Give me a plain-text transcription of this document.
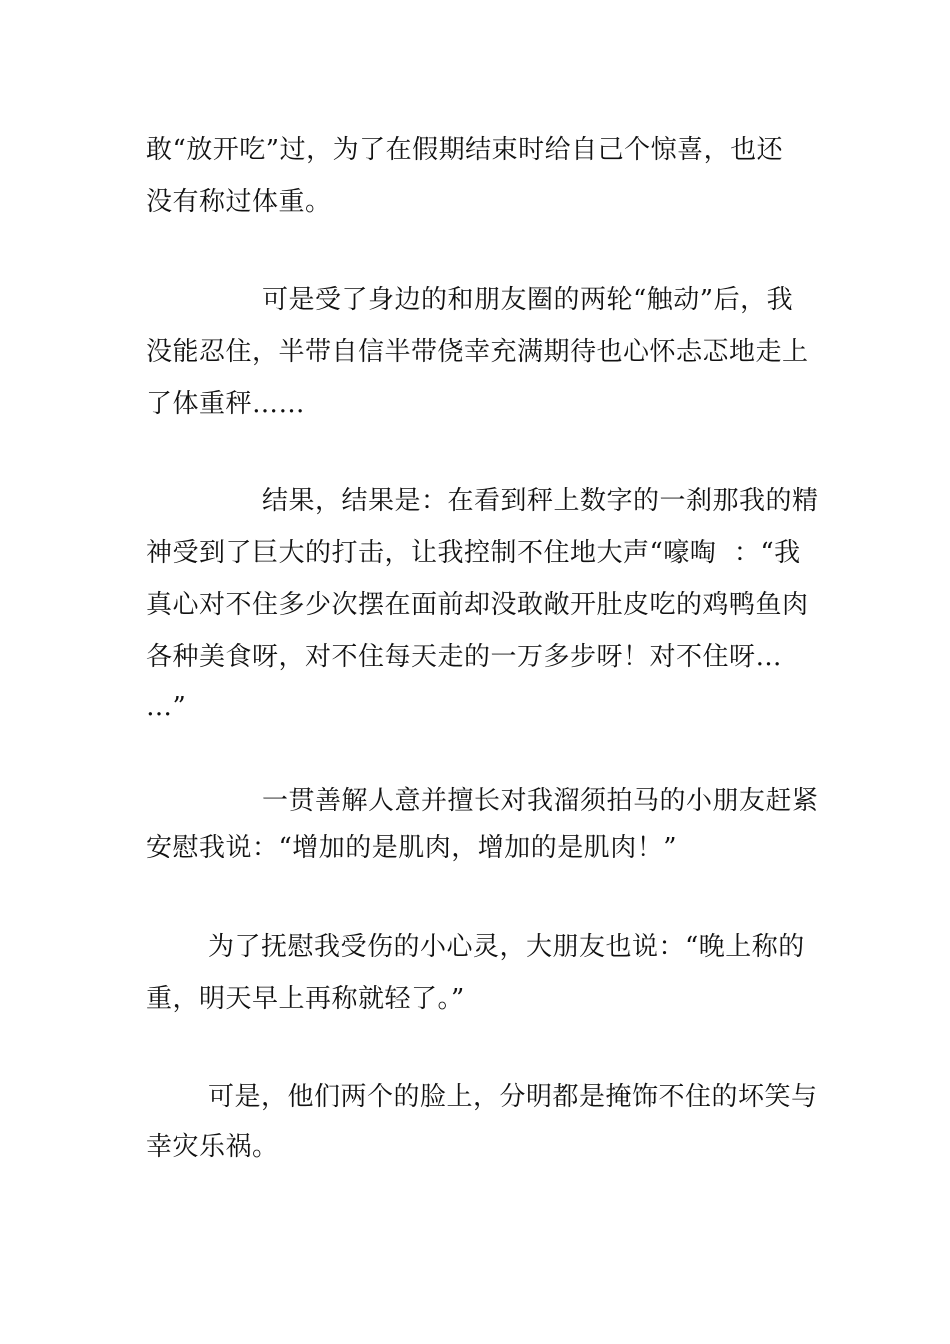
敢“放开吃”过，为了在假期结束时给自己个惊喜，也还
没有称过体重。
可是受了身边的和朋友圈的两轮“触动”后，我
没能忍住，半带自信半带侥幸充满期待也心怀忐忑地走上
了体重秤……
结果，结果是：在看到秤上数字的一刹那我的精
神受到了巨大的打击，让我控制不住地大声“嚎啕  ：“我
真心对不住多少次摆在面前却没敢敞开肚皮吃的鸡鸭鱼肉
各种美食呀，对不住每天走的一万多步呀！对不住呀…
…”
一贯善解人意并擅长对我溜须拍马的小朋友赶紧
安慰我说：“增加的是肌肉，增加的是肌肉！”
为了抚慰我受伤的小心灵，大朋友也说：“晚上称的
重，明天早上再称就轻了。”
可是，他们两个的脸上，分明都是掩饰不住的坏笑与
幸灾乐祸。
